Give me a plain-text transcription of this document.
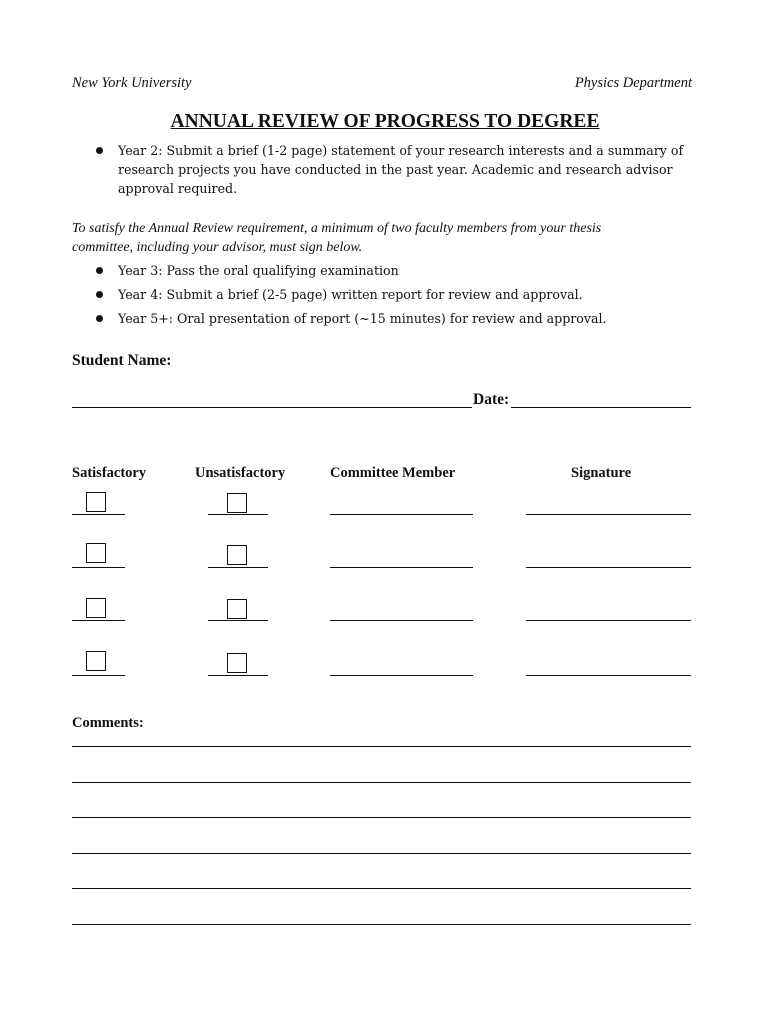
New York University	Physics Department
ANNUAL REVIEW OF PROGRESS TO DEGREE
Year 2: Submit a brief (1-2 page) statement of your research interests and a summary of
research projects you have conducted in the past year. Academic and research advisor
approval required.
To satisfy the Annual Review requirement, a minimum of two faculty members from your thesis
committee, including your advisor, must sign below.
Year 3: Pass the oral qualifying examination
Year 4: Submit a brief (2-5 page) written report for review and approval.
Year 5+: Oral presentation of report (~15 minutes) for review and approval.
Student Name:
Date:
Satisfactory	Unsatisfactory	Committee Member	Signature
Comments:
